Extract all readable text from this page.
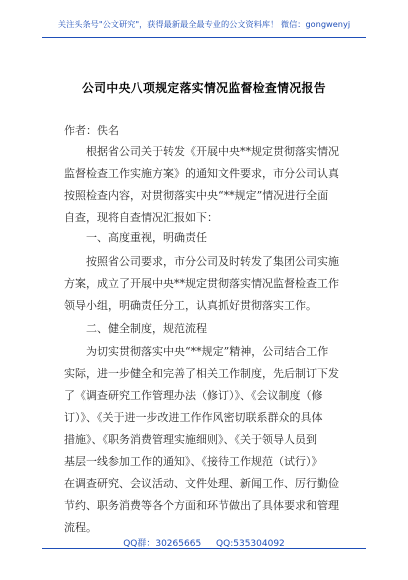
关注头条号"公文研究"，获得最新最全最专业的公文资料库！ 微信：gongwenyj
公司中央八项规定落实情况监督检查情况报告
作者：佚名
根据省公司关于转发《开展中央**规定贯彻落实情况
监督检查工作实施方案》的通知文件要求，市分公司认真
按照检查内容，对贯彻落实中央“**规定”情况进行全面
自查，现将自查情况汇报如下：
一、高度重视，明确责任
按照省公司要求，市分公司及时转发了集团公司实施
方案，成立了开展中央**规定贯彻落实情况监督检查工作
领导小组，明确责任分工，认真抓好贯彻落实工作。
二、健全制度，规范流程
为切实贯彻落实中央“**规定”精神，公司结合工作
实际，进一步健全和完善了相关工作制度，先后制订下发
了《调查研究工作管理办法（修订）》、《会议制度（修
订）》、《关于进一步改进工作作风密切联系群众的具体
措施》、《职务消费管理实施细则》、《关于领导人员到
基层一线参加工作的通知》、《接待工作规范（试行）》
在调查研究、会议活动、文件处理、新闻工作、厉行勤俭
节约、职务消费等各个方面和环节做出了具体要求和管理
流程。
QQ群：30265665 QQ:535304092
